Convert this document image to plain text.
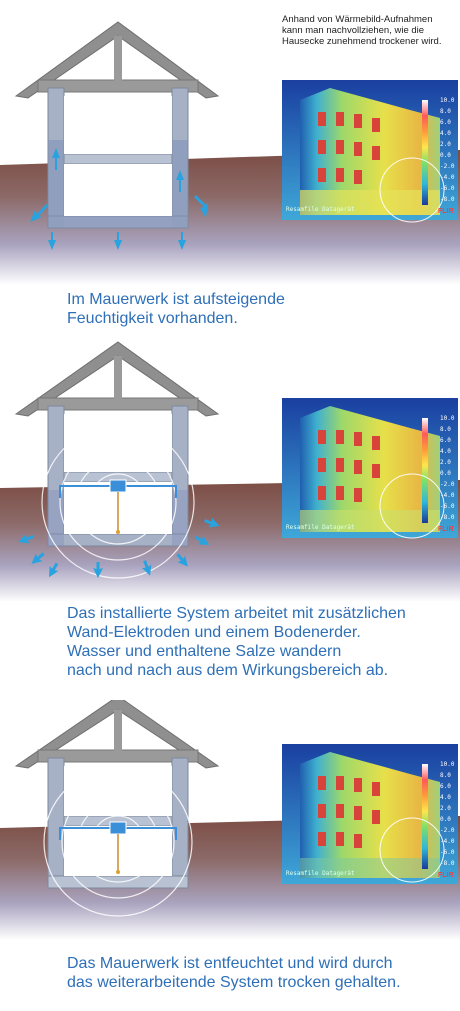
Anhand von Wärmebild-Aufnahmen
kann man nachvollziehen, wie die
Hausecke zunehmend trockener wird.
10.0
8.0
6.0
4.0
2.0
0.0
-2.0
-4.0
-6.0
-8.0
Resamfile Datagerät	FLIR
Im Mauerwerk ist aufsteigende
Feuchtigkeit vorhanden.
10.0
8.0
6.0
4.0
2.0
0.0
-2.0
-4.0
-6.0
-8.0
Resamfile Datagerät	FLIR
Das installierte System arbeitet mit zusätzlichen
Wand-Elektroden und einem Bodenerder.
Wasser und enthaltene Salze wandern
nach und nach aus dem Wirkungsbereich ab.
10.0
8.0
6.0
4.0
2.0
0.0
-2.0
-4.0
-6.0
-8.0
Resamfile Datagerät	FLIR
Das Mauerwerk ist entfeuchtet und wird durch
das weiterarbeitende System trocken gehalten.
